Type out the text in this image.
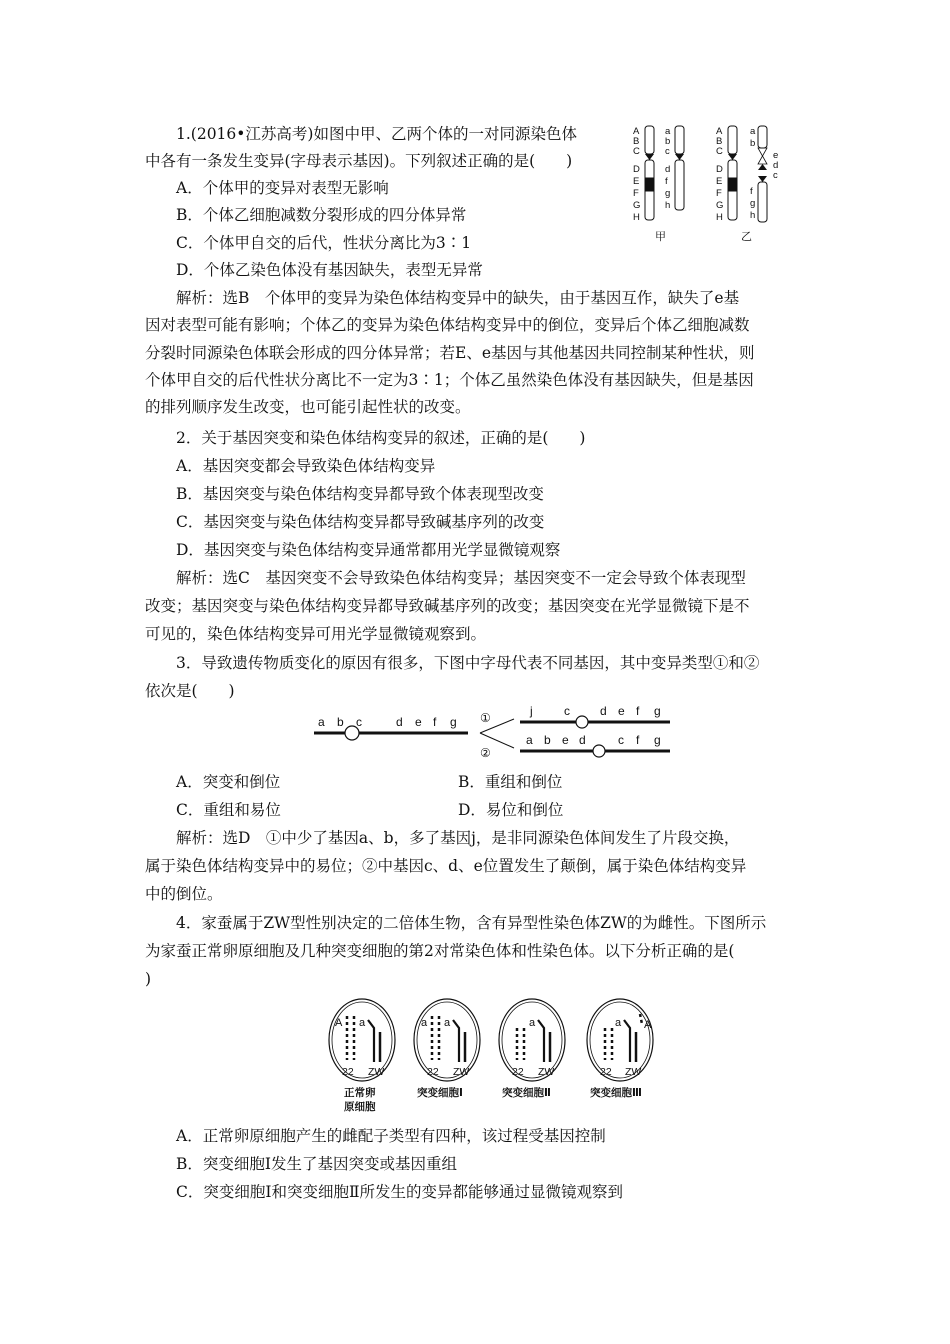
1.(2016•江苏高考)如图中甲、乙两个体的一对同源染色体
中各有一条发生变异(字母表示基因)。下列叙述正确的是(　　)
A．个体甲的变异对表型无影响
B．个体乙细胞减数分裂形成的四分体异常
C．个体甲自交的后代，性状分离比为3∶1
D．个体乙染色体没有基因缺失，表型无异常
解析：选B　个体甲的变异为染色体结构变异中的缺失，由于基因互作，缺失了e基
因对表型可能有影响；个体乙的变异为染色体结构变异中的倒位，变异后个体乙细胞减数
分裂时同源染色体联会形成的四分体异常；若E、e基因与其他基因共同控制某种性状，则
个体甲自交的后代性状分离比不一定为3∶1；个体乙虽然染色体没有基因缺失，但是基因
的排列顺序发生改变，也可能引起性状的改变。
A
B
C
D
E
F
G
H
a
b
c
d
f
g
h
A
B
C
D
E
F
G
H
a
b
e
d
c
f
g
h
甲	乙
2．关于基因突变和染色体结构变异的叙述，正确的是(　　)
A．基因突变都会导致染色体结构变异
B．基因突变与染色体结构变异都导致个体表现型改变
C．基因突变与染色体结构变异都导致碱基序列的改变
D．基因突变与染色体结构变异通常都用光学显微镜观察
解析：选C　基因突变不会导致染色体结构变异；基因突变不一定会导致个体表现型
改变；基因突变与染色体结构变异都导致碱基序列的改变；基因突变在光学显微镜下是不
可见的，染色体结构变异可用光学显微镜观察到。
3．导致遗传物质变化的原因有很多，下图中字母代表不同基因，其中变异类型①和②
依次是(　　)
a b c	d e f g ①
②
j	c	d e f g
a b e d	c f g
A．突变和倒位	B．重组和倒位
C．重组和易位	D．易位和倒位
解析：选D　①中少了基因a、b，多了基因j，是非同源染色体间发生了片段交换，
属于染色体结构变异中的易位；②中基因c、d、e位置发生了颠倒，属于染色体结构变异
中的倒位。
4．家蚕属于ZW型性别决定的二倍体生物，含有异型性染色体ZW的为雌性。下图所示
为家蚕正常卵原细胞及几种突变细胞的第2对常染色体和性染色体。以下分析正确的是(
)
A a
22 ZW
正常卵
原细胞
a a
22 ZW
突变细胞Ⅰ
a
22 ZW
突变细胞Ⅱ
a A
22 ZW
突变细胞Ⅲ
A．正常卵原细胞产生的雌配子类型有四种，该过程受基因控制
B．突变细胞Ⅰ发生了基因突变或基因重组
C．突变细胞Ⅰ和突变细胞Ⅱ所发生的变异都能够通过显微镜观察到
